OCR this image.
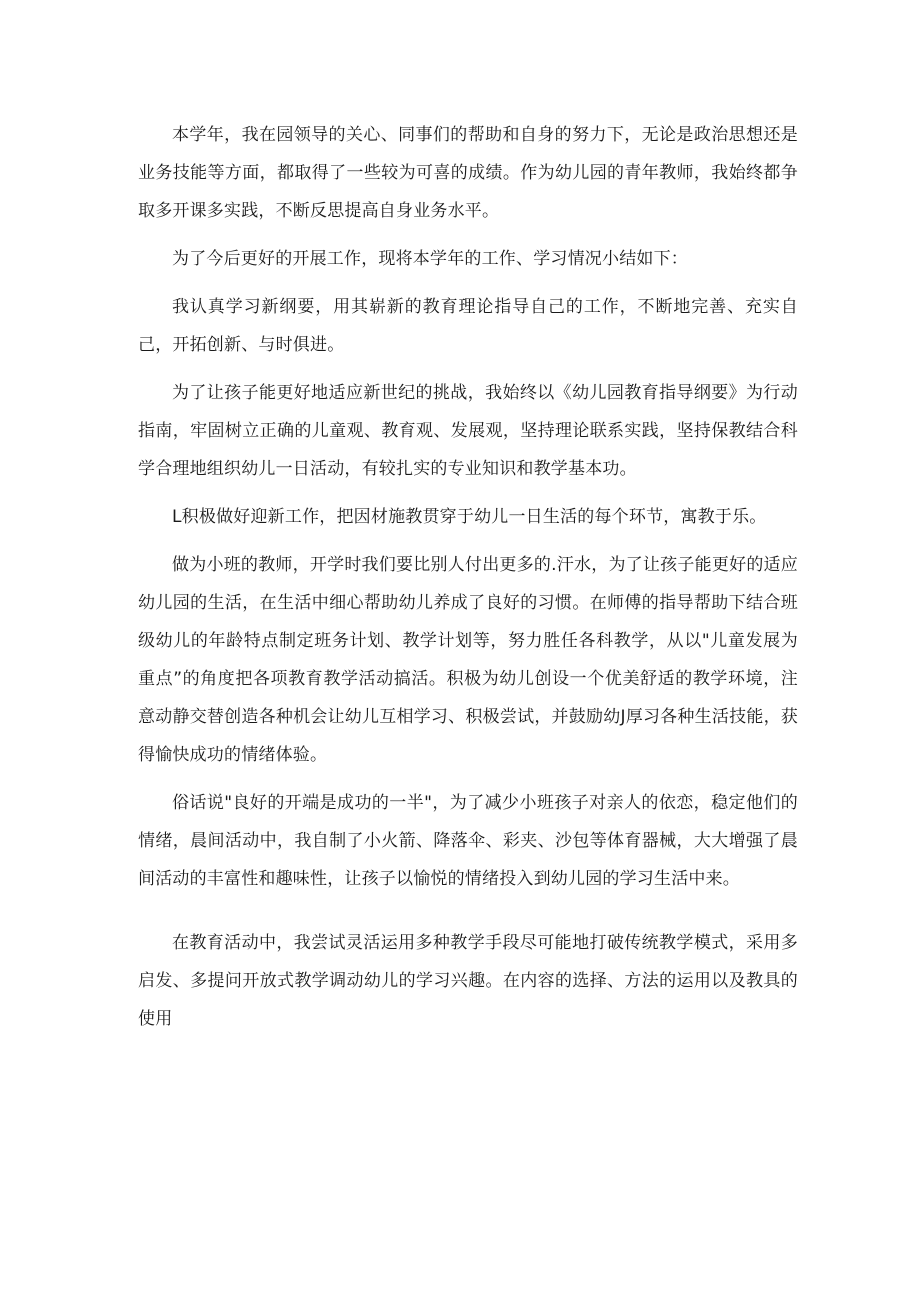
本学年，我在园领导的关心、同事们的帮助和自身的努力下，无论是政治思想还是业务技能等方面，都取得了一些较为可喜的成绩。作为幼儿园的青年教师，我始终都争取多开课多实践，不断反思提高自身业务水平。

为了今后更好的开展工作，现将本学年的工作、学习情况小结如下：

我认真学习新纲要，用其崭新的教育理论指导自己的工作，不断地完善、充实自己，开拓创新、与时俱进。

为了让孩子能更好地适应新世纪的挑战，我始终以《幼儿园教育指导纲要》为行动指南，牢固树立正确的儿童观、教育观、发展观，坚持理论联系实践，坚持保教结合科学合理地组织幼儿一日活动，有较扎实的专业知识和教学基本功。

L积极做好迎新工作，把因材施教贯穿于幼儿一日生活的每个环节，寓教于乐。

做为小班的教师，开学时我们要比别人付出更多的.汗水，为了让孩子能更好的适应幼儿园的生活，在生活中细心帮助幼儿养成了良好的习惯。在师傅的指导帮助下结合班级幼儿的年龄特点制定班务计划、教学计划等，努力胜任各科教学，从以"儿童发展为重点”的角度把各项教育教学活动搞活。积极为幼儿创设一个优美舒适的教学环境，注意动静交替创造各种机会让幼儿互相学习、积极尝试，并鼓励幼J厚习各种生活技能，获得愉快成功的情绪体验。

俗话说"良好的开端是成功的一半"，为了减少小班孩子对亲人的依恋，稳定他们的情绪，晨间活动中，我自制了小火箭、降落伞、彩夹、沙包等体育器械，大大增强了晨间活动的丰富性和趣味性，让孩子以愉悦的情绪投入到幼儿园的学习生活中来。

在教育活动中，我尝试灵活运用多种教学手段尽可能地打破传统教学模式，采用多启发、多提问开放式教学调动幼儿的学习兴趣。在内容的选择、方法的运用以及教具的使用
